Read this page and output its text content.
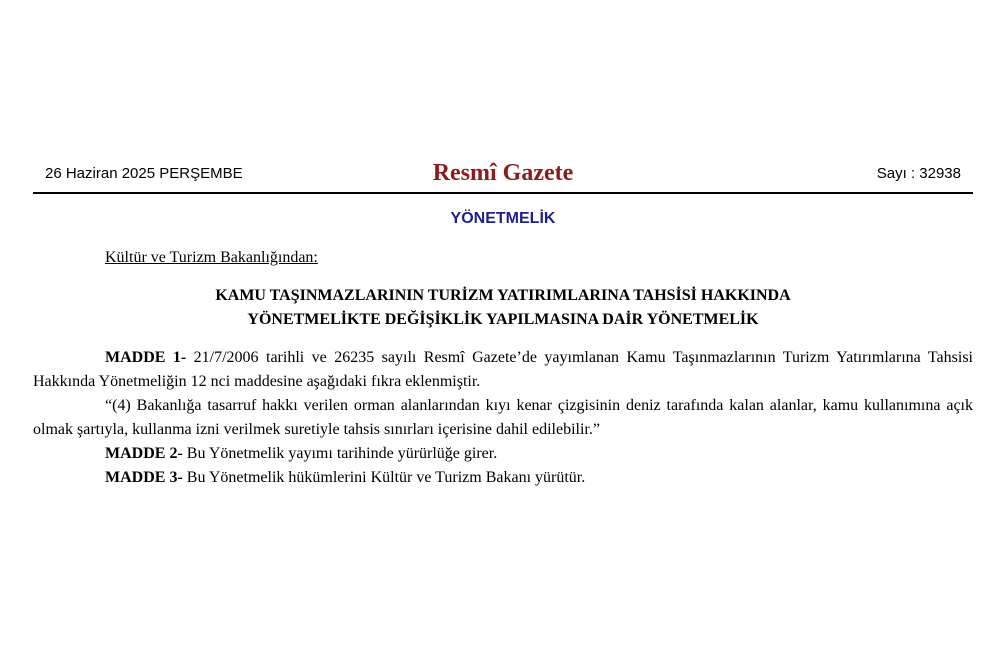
26 Haziran 2025 PERŞEMBE	Resmî Gazete	Sayı : 32938
YÖNETMELİK
Kültür ve Turizm Bakanlığından:
KAMU TAŞINMAZLARININ TURİZM YATIRIMLARINA TAHSİSİ HAKKINDA
YÖNETMELİKTE DEĞİŞİKLİK YAPILMASINA DAİR YÖNETMELİK

MADDE 1- 21/7/2006 tarihli ve 26235 sayılı Resmî Gazete’de yayımlanan Kamu Taşınmazlarının Turizm Yatırımlarına Tahsisi Hakkında Yönetmeliğin 12 nci maddesine aşağıdaki fıkra eklenmiştir.

“(4) Bakanlığa tasarruf hakkı verilen orman alanlarından kıyı kenar çizgisinin deniz tarafında kalan alanlar, kamu kullanımına açık olmak şartıyla, kullanma izni verilmek suretiyle tahsis sınırları içerisine dahil edilebilir.”

MADDE 2- Bu Yönetmelik yayımı tarihinde yürürlüğe girer.

MADDE 3- Bu Yönetmelik hükümlerini Kültür ve Turizm Bakanı yürütür.
